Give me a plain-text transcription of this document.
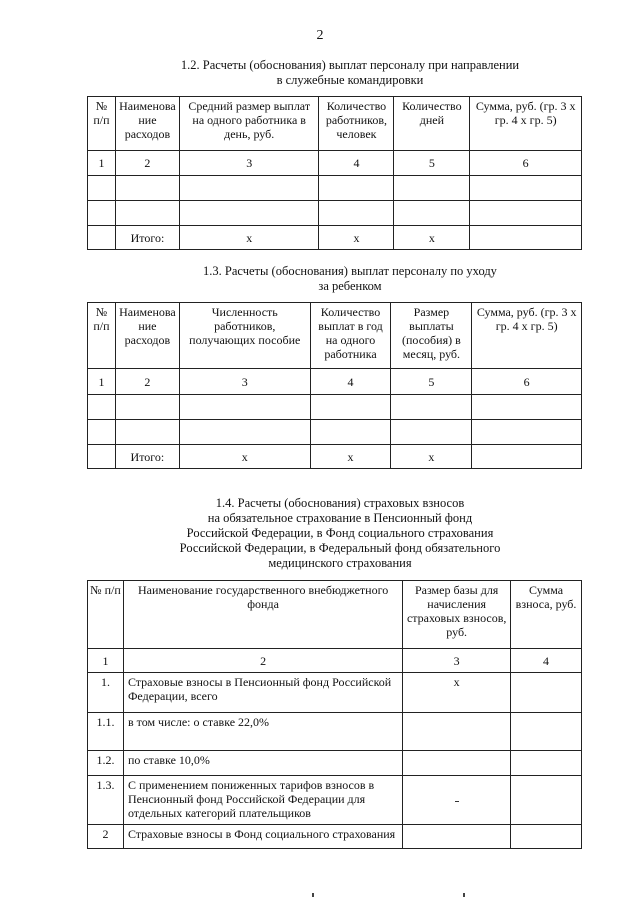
2
1.2. Расчеты (обоснования) выплат персоналу при направлении
в служебные командировки
№ п/п	Наименова ние расходов	Средний размер выплат на одного работника в день, руб.	Количество работников, человек	Количество дней	Сумма, руб. (гр. 3 х гр. 4 х гр. 5)
1	2	3	4	5	6

	Итого:	х	х	х	
1.3. Расчеты (обоснования) выплат персоналу по уходу
за ребенком
№ п/п	Наименова ние расходов	Численность работников, получающих пособие	Количество выплат в год на одного работника	Размер выплаты (пособия) в месяц, руб.	Сумма, руб. (гр. 3 х гр. 4 х гр. 5)
1	2	3	4	5	6

	Итого:	х	х	х	
1.4. Расчеты (обоснования) страховых взносов
на обязательное страхование в Пенсионный фонд
Российской Федерации, в Фонд социального страхования
Российской Федерации, в Федеральный фонд обязательного
медицинского страхования
№ п/п	Наименование государственного внебюджетного фонда	Размер базы для начисления страховых взносов, руб.	Сумма взноса, руб.
1	2	3	4
1.	Страховые взносы в Пенсионный фонд Российской Федерации, всего	х	
1.1.	в том числе: о ставке 22,0%		
1.2.	по ставке 10,0%		
1.3.	С применением пониженных тарифов взносов в Пенсионный фонд Российской Федерации для отдельных категорий плательщиков		
2	Страховые взносы в Фонд социального страхования		
